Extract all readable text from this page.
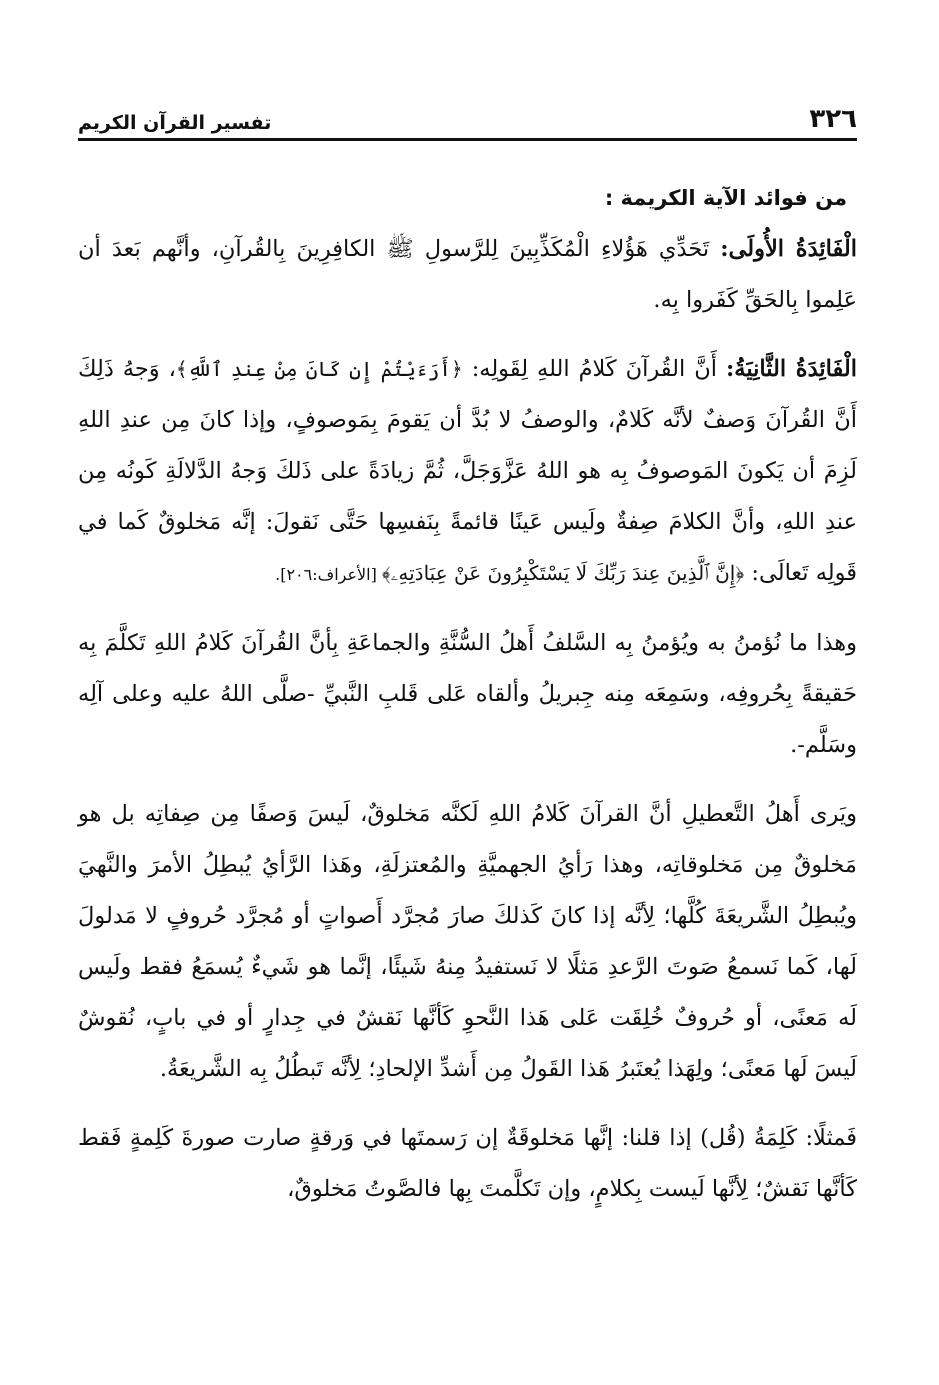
٣٢٦
تفسير القرآن الكريم
من فوائد الآية الكريمة :

الْفَائِدَةُ الأُولَى: تَحَدِّي هَؤُلاءِ الْمُكَذِّبِينَ لِلرَّسولِ ﷺ الكافِرِينَ بِالقُرآنِ، وأنَّهم بَعدَ أن عَلِموا بِالحَقِّ كَفَروا بِه.

الْفَائِدَةُ الثَّانِيَةُ: أَنَّ القُرآنَ كَلامُ اللهِ لِقَولِه: ﴿أَرَءَيْتُمْ إِن كَانَ مِنْ عِندِ ٱللَّهِ﴾، وَجهُ ذَلِكَ أَنَّ القُرآنَ وَصفٌ لأنَّه كَلامٌ، والوصفُ لا بُدَّ أن يَقومَ بِمَوصوفٍ، وإذا كانَ مِن عندِ اللهِ لَزِمَ أن يَكونَ المَوصوفُ بِه هو اللهُ عَزَّوَجَلَّ، ثُمَّ زيادَةً على ذَلكَ وَجهُ الدَّلالَةِ كَونُه مِن عندِ اللهِ، وأنَّ الكلامَ صِفةٌ ولَيس عَينًا قائمةً بِنَفسِها حَتَّى نَقولَ: إنَّه مَخلوقٌ كَما في قَولِه تَعالَى: ﴿إِنَّ ٱلَّذِينَ عِندَ رَبِّكَ لَا يَسْتَكْبِرُونَ عَنْ عِبَادَتِهِۦ﴾ [الأعراف:٢٠٦].

وهذا ما نُؤمنُ به ويُؤمنُ بِه السَّلفُ أَهلُ السُّنَّةِ والجماعَةِ بِأنَّ القُرآنَ كَلامُ اللهِ تَكلَّمَ بِه حَقيقةً بِحُروفِه، وسَمِعَه مِنه جِبريلُ وألقاه عَلى قَلبِ النَّبيِّ -صلَّى اللهُ عليه وعلى آلِه وسَلَّم-.

ويَرى أَهلُ التَّعطيلِ أنَّ القرآنَ كَلامُ اللهِ لَكنَّه مَخلوقٌ، لَيسَ وَصفًا مِن صِفاتِه بل هو مَخلوقٌ مِن مَخلوقاتِه، وهذا رَأيُ الجهميَّةِ والمُعتزلَةِ، وهَذا الرَّأيُ يُبطِلُ الأمرَ والنَّهيَ ويُبطِلُ الشَّريعَةَ كُلَّها؛ لِأنَّه إذا كانَ كَذلكَ صارَ مُجرَّد أَصواتٍ أو مُجرَّد حُروفٍ لا مَدلولَ لَها، كَما نَسمعُ صَوتَ الرَّعدِ مَثلًا لا نَستفيدُ مِنهُ شَيئًا، إنَّما هو شَيءٌ يُسمَعُ فقط ولَيس لَه مَعنًى، أو حُروفٌ خُلِقَت عَلى هَذا النَّحوِ كَأنَّها نَقشٌ في جِدارٍ أو في بابٍ، نُقوشٌ لَيسَ لَها مَعنًى؛ ولِهَذا يُعتَبرُ هَذا القَولُ مِن أَشدِّ الإلحادِ؛ لِأنَّه تَبطُلُ بِه الشَّريعَةُ.

فَمثلًا: كَلِمَةُ (قُل) إذا قلنا: إنَّها مَخلوقَةٌ إن رَسمتَها في وَرقةٍ صارت صورةَ كَلِمةٍ فَقط كَأنَّها نَقشٌ؛ لِأنَّها لَيست بِكلامٍ، وإن تَكلَّمتَ بِها فالصَّوتُ مَخلوقٌ،
